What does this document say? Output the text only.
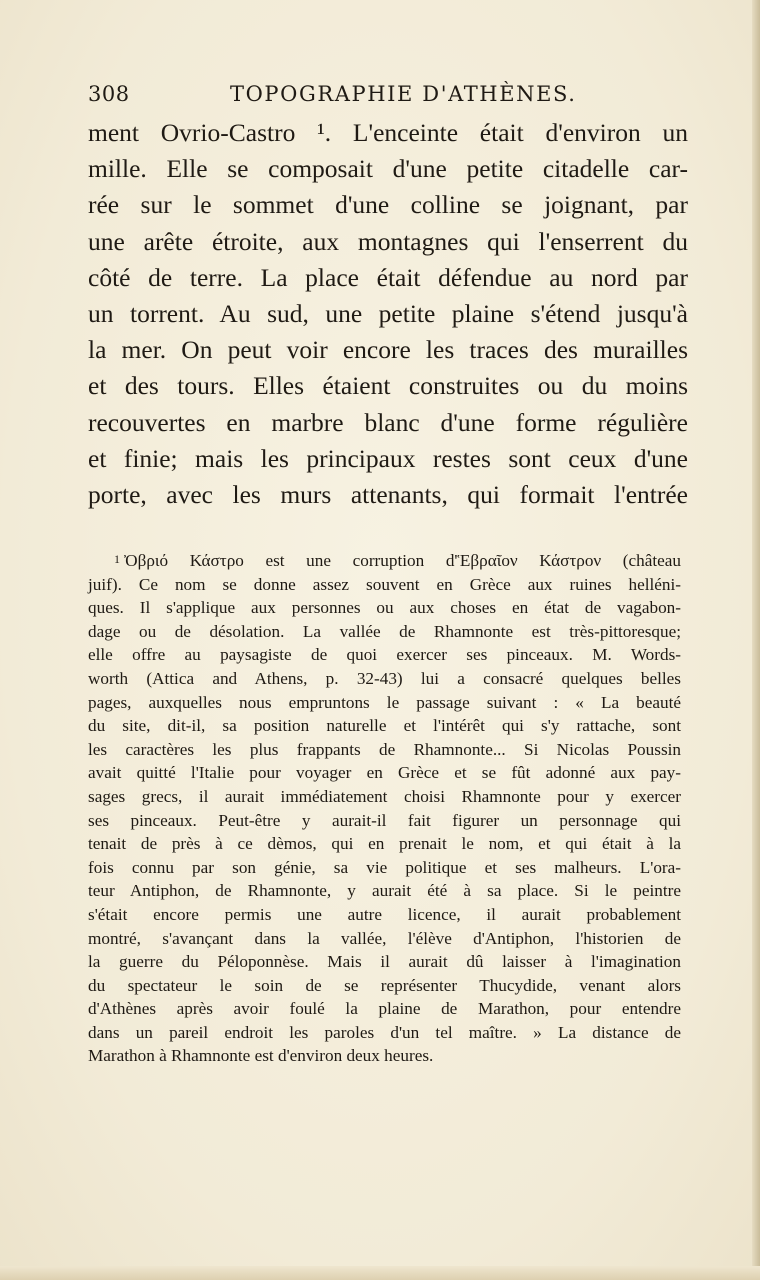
308	TOPOGRAPHIE D'ATHÈNES.
ment Ovrio-Castro ¹. L'enceinte était d'environ un
mille. Elle se composait d'une petite citadelle car-
rée sur le sommet d'une colline se joignant, par
une arête étroite, aux montagnes qui l'enserrent du
côté de terre. La place était défendue au nord par
un torrent. Au sud, une petite plaine s'étend jusqu'à
la mer. On peut voir encore les traces des murailles
et des tours. Elles étaient construites ou du moins
recouvertes en marbre blanc d'une forme régulière
et finie; mais les principaux restes sont ceux d'une
porte, avec les murs attenants, qui formait l'entrée
1 Ὀβριό Κάστρο est une corruption d'Ἑβραῖον Κάστρον (château
juif). Ce nom se donne assez souvent en Grèce aux ruines helléni-
ques. Il s'applique aux personnes ou aux choses en état de vagabon-
dage ou de désolation. La vallée de Rhamnonte est très-pittoresque;
elle offre au paysagiste de quoi exercer ses pinceaux. M. Words-
worth (Attica and Athens, p. 32-43) lui a consacré quelques belles
pages, auxquelles nous empruntons le passage suivant : « La beauté
du site, dit-il, sa position naturelle et l'intérêt qui s'y rattache, sont
les caractères les plus frappants de Rhamnonte... Si Nicolas Poussin
avait quitté l'Italie pour voyager en Grèce et se fût adonné aux pay-
sages grecs, il aurait immédiatement choisi Rhamnonte pour y exercer
ses pinceaux. Peut-être y aurait-il fait figurer un personnage qui
tenait de près à ce dèmos, qui en prenait le nom, et qui était à la
fois connu par son génie, sa vie politique et ses malheurs. L'ora-
teur Antiphon, de Rhamnonte, y aurait été à sa place. Si le peintre
s'était encore permis une autre licence, il aurait probablement
montré, s'avançant dans la vallée, l'élève d'Antiphon, l'historien de
la guerre du Péloponnèse. Mais il aurait dû laisser à l'imagination
du spectateur le soin de se représenter Thucydide, venant alors
d'Athènes après avoir foulé la plaine de Marathon, pour entendre
dans un pareil endroit les paroles d'un tel maître. » La distance de
Marathon à Rhamnonte est d'environ deux heures.
